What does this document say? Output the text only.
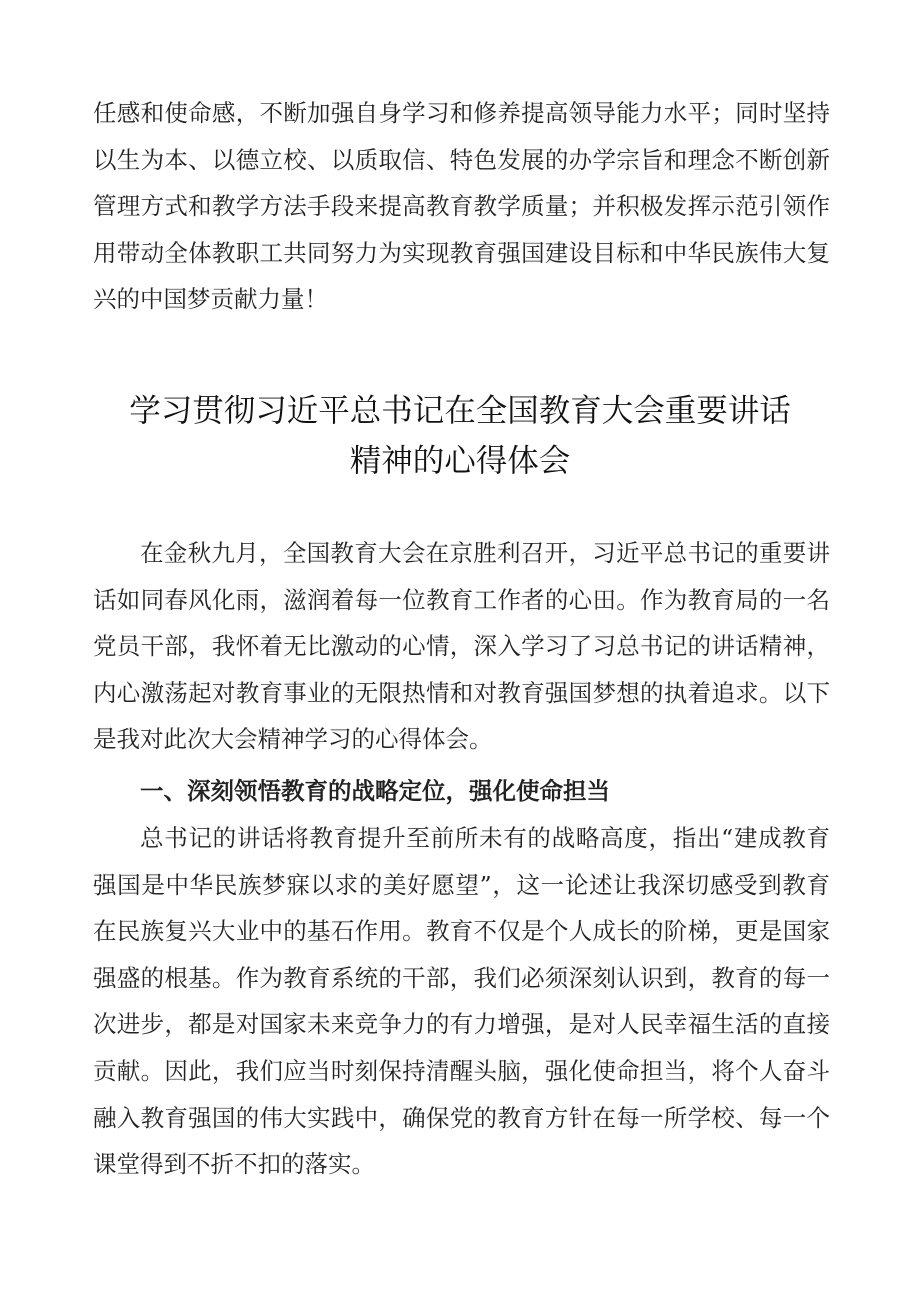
任感和使命感，不断加强自身学习和修养提高领导能力水平；同时坚持以生为本、以德立校、以质取信、特色发展的办学宗旨和理念不断创新管理方式和教学方法手段来提高教育教学质量；并积极发挥示范引领作用带动全体教职工共同努力为实现教育强国建设目标和中华民族伟大复兴的中国梦贡献力量！

学习贯彻习近平总书记在全国教育大会重要讲话
精神的心得体会

在金秋九月，全国教育大会在京胜利召开，习近平总书记的重要讲话如同春风化雨，滋润着每一位教育工作者的心田。作为教育局的一名党员干部，我怀着无比激动的心情，深入学习了习总书记的讲话精神，内心激荡起对教育事业的无限热情和对教育强国梦想的执着追求。以下是我对此次大会精神学习的心得体会。

一、深刻领悟教育的战略定位，强化使命担当

总书记的讲话将教育提升至前所未有的战略高度，指出“建成教育强国是中华民族梦寐以求的美好愿望”，这一论述让我深切感受到教育在民族复兴大业中的基石作用。教育不仅是个人成长的阶梯，更是国家强盛的根基。作为教育系统的干部，我们必须深刻认识到，教育的每一次进步，都是对国家未来竞争力的有力增强，是对人民幸福生活的直接贡献。因此，我们应当时刻保持清醒头脑，强化使命担当，将个人奋斗融入教育强国的伟大实践中，确保党的教育方针在每一所学校、每一个课堂得到不折不扣的落实。
